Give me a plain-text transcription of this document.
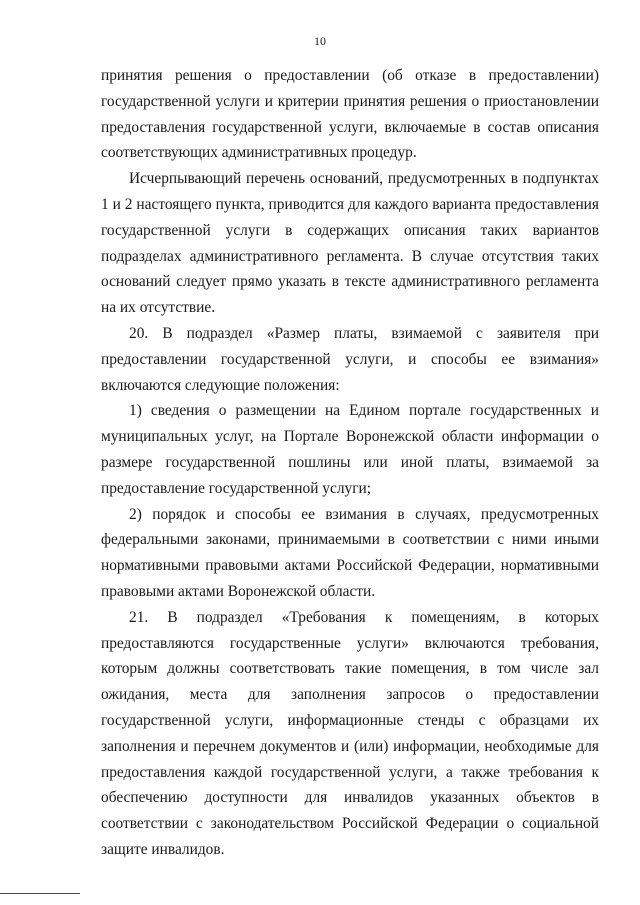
10

принятия решения о предоставлении (об отказе в предоставлении) государственной услуги и критерии принятия решения о приостановлении предоставления государственной услуги, включаемые в состав описания соответствующих административных процедур.

Исчерпывающий перечень оснований, предусмотренных в подпунктах 1 и 2 настоящего пункта, приводится для каждого варианта предоставления государственной услуги в содержащих описания таких вариантов подразделах административного регламента. В случае отсутствия таких оснований следует прямо указать в тексте административного регламента на их отсутствие.

20. В подраздел «Размер платы, взимаемой с заявителя при предоставлении государственной услуги, и способы ее взимания» включаются следующие положения:

1) сведения о размещении на Едином портале государственных и муниципальных услуг, на Портале Воронежской области информации о размере государственной пошлины или иной платы, взимаемой за предоставление государственной услуги;

2) порядок и способы ее взимания в случаях, предусмотренных федеральными законами, принимаемыми в соответствии с ними иными нормативными правовыми актами Российской Федерации, нормативными правовыми актами Воронежской области.

21. В подраздел «Требования к помещениям, в которых предоставляются государственные услуги» включаются требования, которым должны соответствовать такие помещения, в том числе зал ожидания, места для заполнения запросов о предоставлении государственной услуги, информационные стенды с образцами их заполнения и перечнем документов и (или) информации, необходимые для предоставления каждой государственной услуги, а также требования к обеспечению доступности для инвалидов указанных объектов в соответствии с законодательством Российской Федерации о социальной защите инвалидов.
